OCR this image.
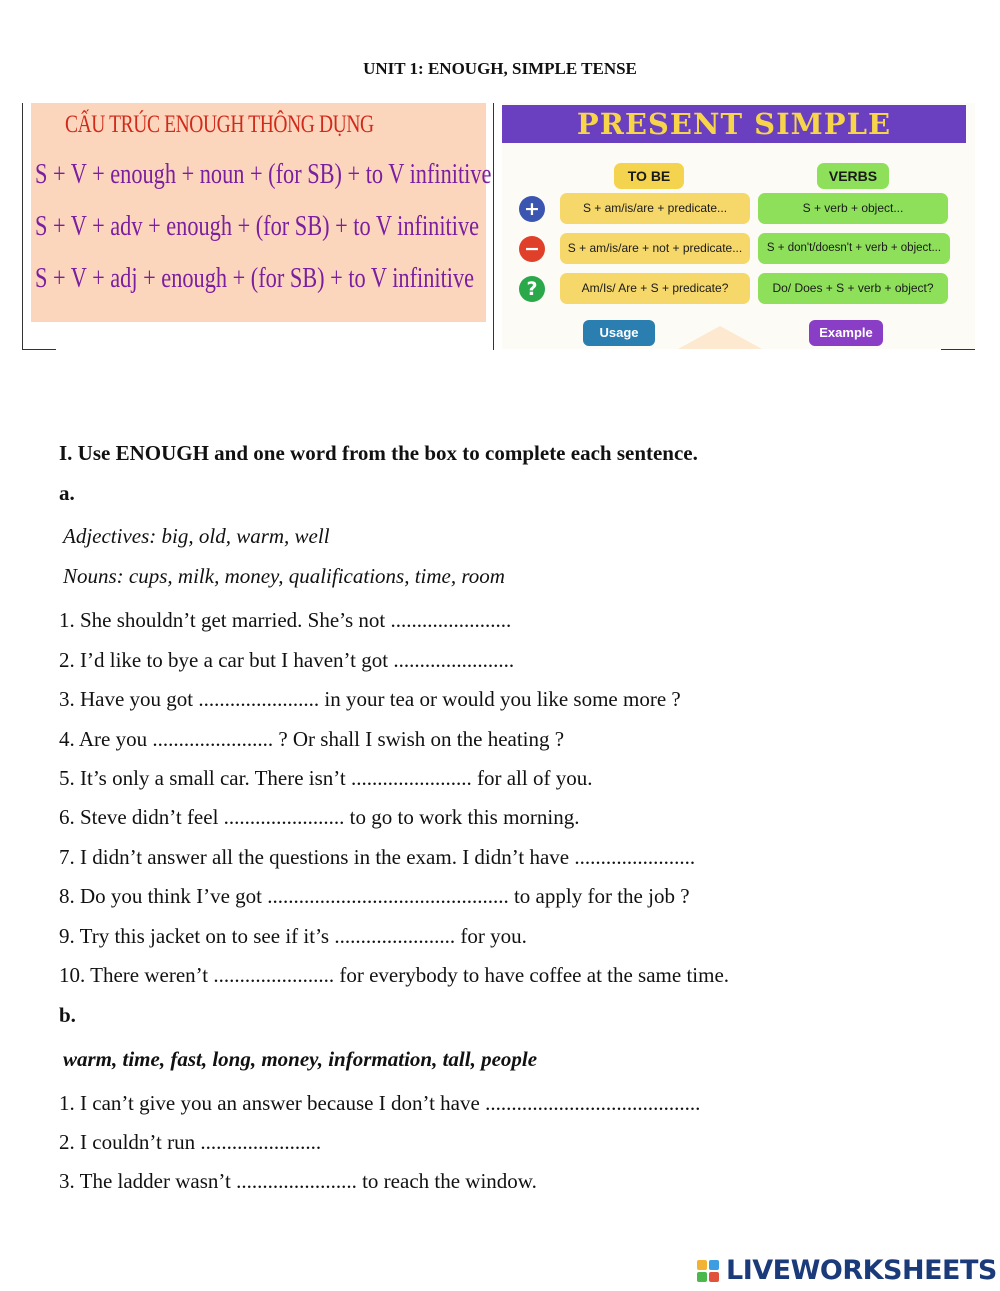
UNIT 1: ENOUGH, SIMPLE TENSE
CẤU TRÚC ENOUGH THÔNG DỤNG
S + V + enough + noun + (for SB) + to V infinitive
S + V + adv + enough + (for SB) + to V infinitive
S + V + adj + enough + (for SB) + to V infinitive
PRESENT SIMPLE
TO BE	VERBS
+	S + am/is/are + predicate...	S + verb + object...
−	S + am/is/are + not + predicate...	S + don't/doesn't + verb + object...
?	Am/Is/ Are + S + predicate?	Do/ Does + S + verb + object?
Usage	Example
I. Use ENOUGH and one word from the box to complete each sentence.
a.
Adjectives: big, old, warm, well
Nouns: cups, milk, money, qualifications, time, room
1. She shouldn’t get married. She’s not .......................
2. I’d like to bye a car but I haven’t got .......................
3. Have you got ....................... in your tea or would you like some more ?
4. Are you ....................... ? Or shall I swish on the heating ?
5. It’s only a small car. There isn’t ....................... for all of you.
6. Steve didn’t feel ....................... to go to work this morning.
7. I didn’t answer all the questions in the exam. I didn’t have .......................
8. Do you think I’ve got .............................................. to apply for the job ?
9. Try this jacket on to see if it’s ....................... for you.
10. There weren’t ....................... for everybody to have coffee at the same time.
b.
warm, time, fast, long, money, information, tall, people
1. I can’t give you an answer because I don’t have .........................................
2. I couldn’t run .......................
3. The ladder wasn’t ....................... to reach the window.
LIVEWORKSHEETS
